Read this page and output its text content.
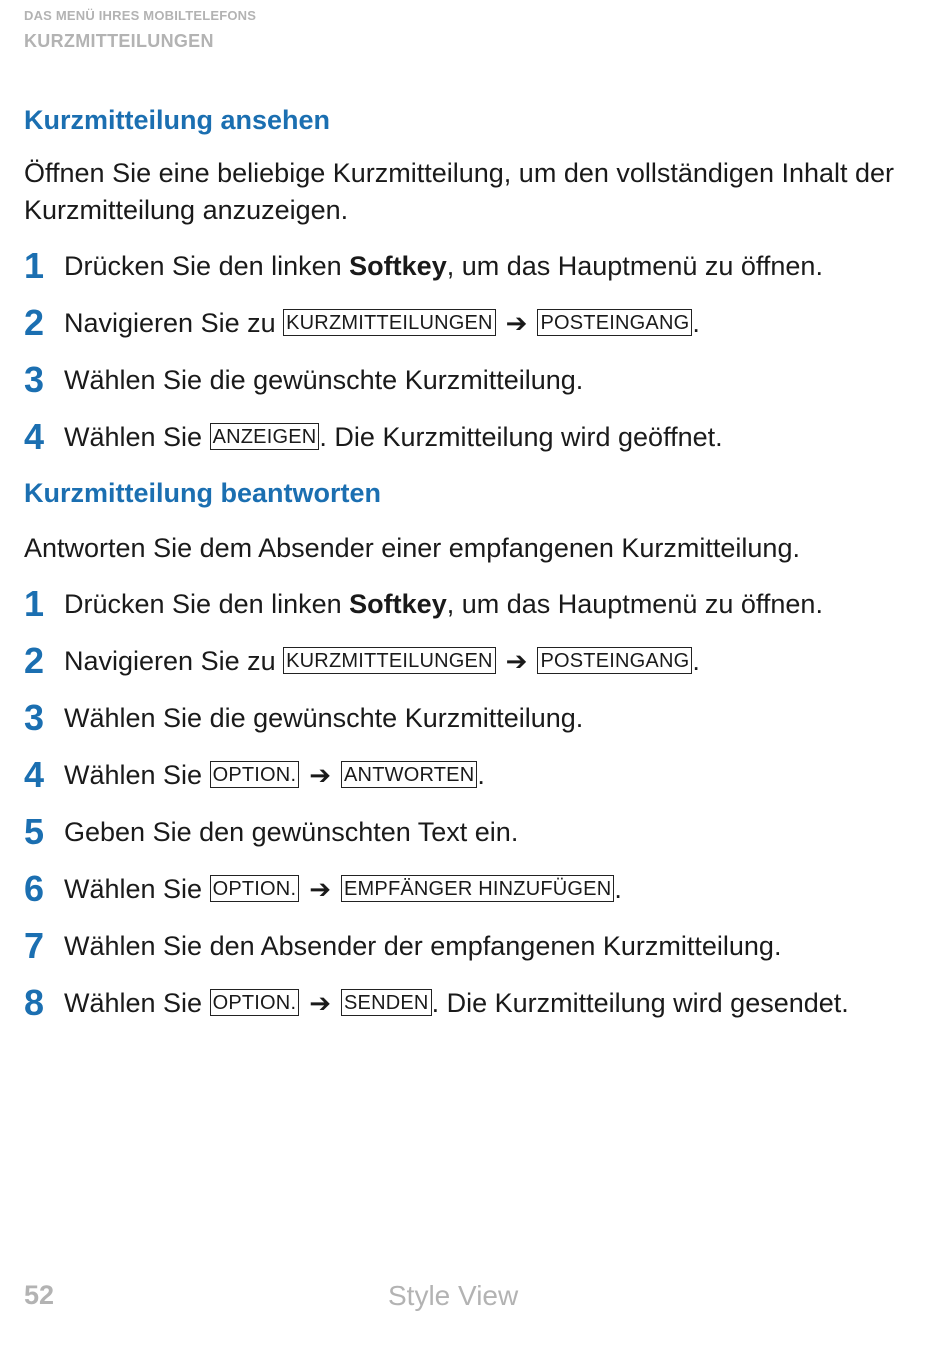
DAS MENÜ IHRES MOBILTELEFONS
KURZMITTEILUNGEN
Kurzmitteilung ansehen

Öffnen Sie eine beliebige Kurzmitteilung, um den vollständigen Inhalt der Kurzmitteilung anzuzeigen.

1 Drücken Sie den linken Softkey, um das Hauptmenü zu öffnen.
2 Navigieren Sie zu KURZMITTEILUNGEN ➔ POSTEINGANG .
3 Wählen Sie die gewünschte Kurzmitteilung.
4 Wählen Sie ANZEIGEN . Die Kurzmitteilung wird geöffnet.
Kurzmitteilung beantworten

Antworten Sie dem Absender einer empfangenen Kurzmitteilung.

1 Drücken Sie den linken Softkey, um das Hauptmenü zu öffnen.
2 Navigieren Sie zu KURZMITTEILUNGEN ➔ POSTEINGANG .
3 Wählen Sie die gewünschte Kurzmitteilung.
4 Wählen Sie OPTION. ➔ ANTWORTEN .
5 Geben Sie den gewünschten Text ein.
6 Wählen Sie OPTION. ➔ EMPFÄNGER HINZUFÜGEN .
7 Wählen Sie den Absender der empfangenen Kurzmitteilung.
8 Wählen Sie OPTION. ➔ SENDEN . Die Kurzmitteilung wird gesendet.
52	Style View
